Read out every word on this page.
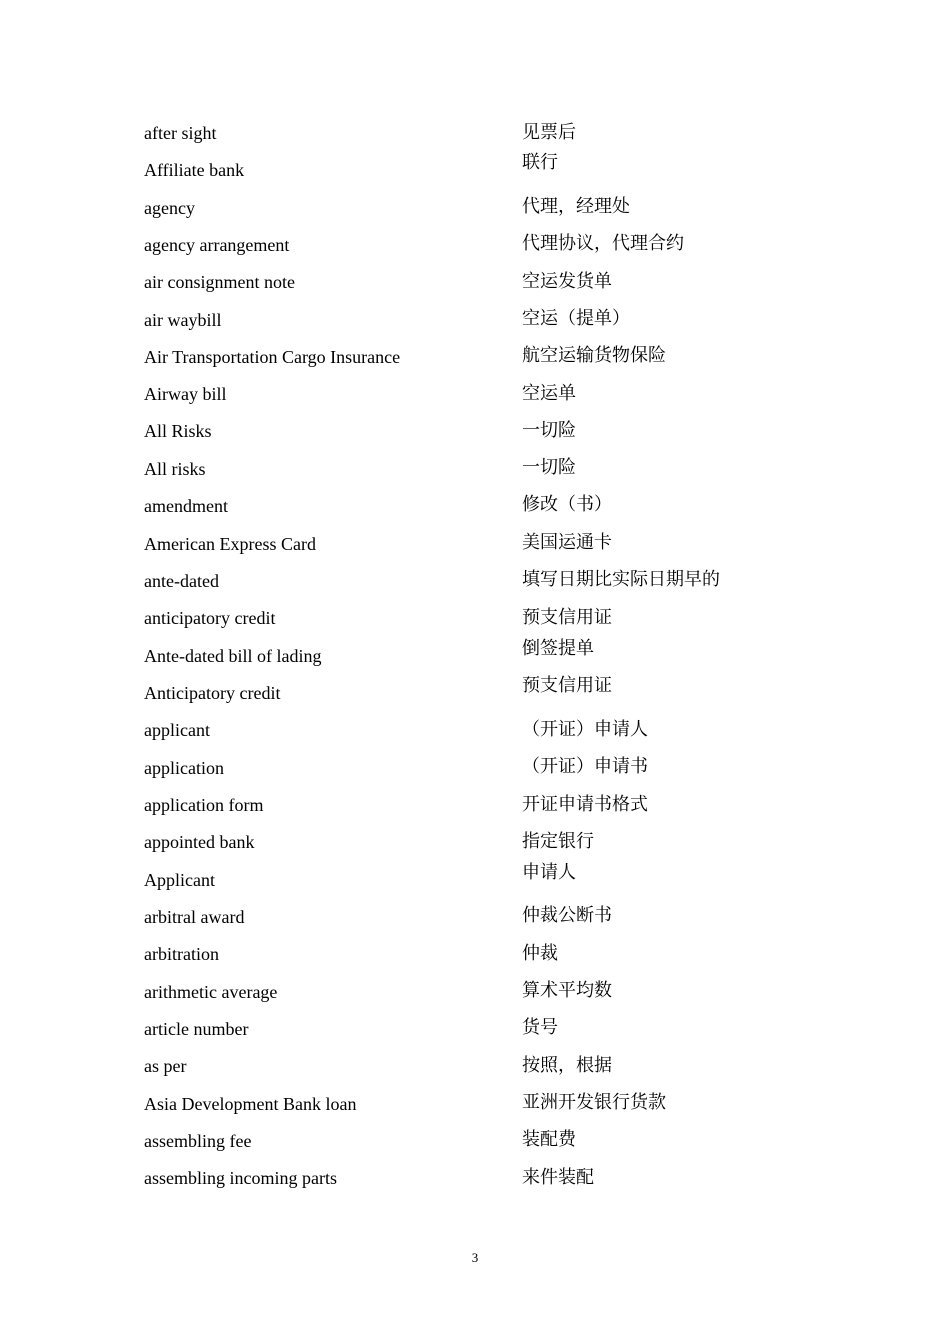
after sight	见票后
Affiliate bank	联行
agency	代理，经理处
agency arrangement	代理协议，代理合约
air consignment note	空运发货单
air waybill	空运（提单）
Air Transportation Cargo Insurance	航空运输货物保险
Airway bill	空运单
All Risks	一切险
All risks	一切险
amendment	修改（书）
American Express Card	美国运通卡
ante-dated	填写日期比实际日期早的
anticipatory credit	预支信用证
Ante-dated bill of lading	倒签提单
Anticipatory credit	预支信用证
applicant	（开证）申请人
application	（开证）申请书
application form	开证申请书格式
appointed bank	指定银行
Applicant	申请人
arbitral award	仲裁公断书
arbitration	仲裁
arithmetic average	算术平均数
article number	货号
as per	按照，根据
Asia Development Bank loan	亚洲开发银行货款
assembling fee	装配费
assembling incoming parts	来件装配
3
